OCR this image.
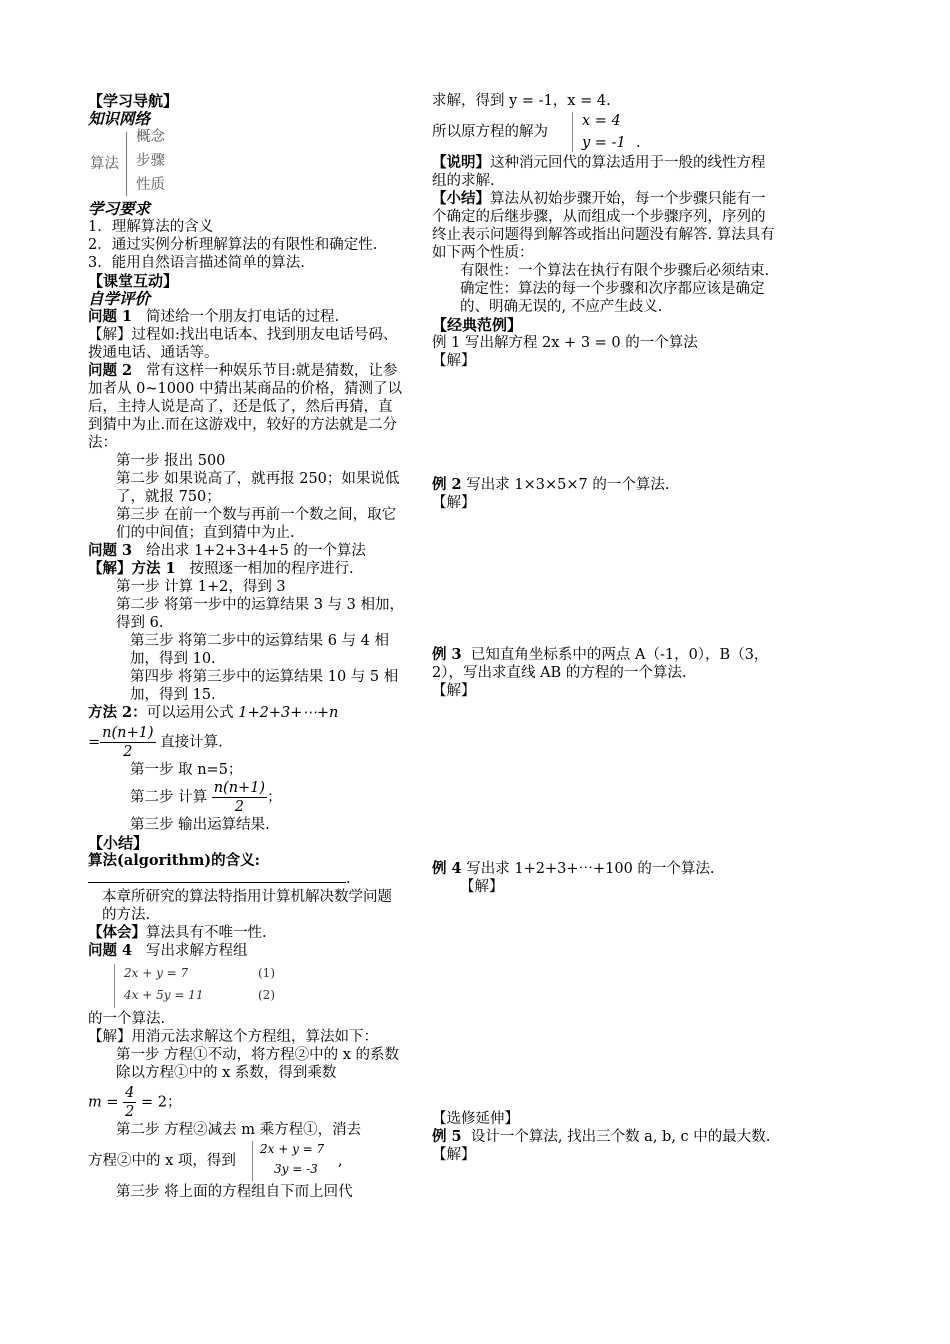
【学习导航】

知识网络

算法
概念
步骤
性质

学习要求

1．理解算法的含义

2．通过实例分析理解算法的有限性和确定性.

3．能用自然语言描述简单的算法.

【课堂互动】

自学评价

问题 1 简述给一个朋友打电话的过程.

【解】过程如:找出电话本、找到朋友电话号码、拨通电话、通话等。

问题 2 常有这样一种娱乐节目:就是猜数，让参加者从 0~1000 中猜出某商品的价格，猜测了以后，主持人说是高了，还是低了，然后再猜，直到猜中为止.而在这游戏中，较好的方法就是二分法：

第一步 报出 500

第二步 如果说高了，就再报 250；如果说低了，就报 750；

第三步 在前一个数与再前一个数之间，取它们的中间值；直到猜中为止.

问题 3 给出求 1+2+3+4+5 的一个算法

【解】方法 1 按照逐一相加的程序进行.

第一步 计算 1+2，得到 3

第二步 将第一步中的运算结果 3 与 3 相加，得到 6.

第三步 将第二步中的运算结果 6 与 4 相加，得到 10.

第四步 将第三步中的运算结果 10 与 5 相加，得到 15.

方法 2：可以运用公式 1+2+3+⋯+n

= $\frac{n(n+1)}{2}$ 直接计算.

第一步 取 n=5；

第二步 计算 $\frac{n(n+1)}{2}$ ；

第三步 输出运算结果.

【小结】

算法(algorithm)的含义:

.

本章所研究的算法特指用计算机解决数学问题的方法.

【体会】算法具有不唯一性.

问题 4 写出求解方程组

2x + y = 7
4x + 5y = 11
(1)
(2)

的一个算法.

【解】用消元法求解这个方程组，算法如下：

第一步 方程①不动，将方程②中的 x 的系数除以方程①中的 x 系数，得到乘数

$m = \frac{4}{2} = 2$；

第二步 方程②减去 m 乘方程①，消去

方程②中的 x 项，得到
2x + y = 7
3y = -3 ,

第三步 将上面的方程组自下而上回代

求解，得到 y = -1，x = 4.

所以原方程的解为
x = 4
y = -1 .

【说明】这种消元回代的算法适用于一般的线性方程组的求解.

【小结】算法从初始步骤开始，每一个步骤只能有一个确定的后继步骤，从而组成一个步骤序列，序列的终止表示问题得到解答或指出问题没有解答. 算法具有如下两个性质：

有限性：一个算法在执行有限个步骤后必须结束.

确定性：算法的每一个步骤和次序都应该是确定的、明确无误的, 不应产生歧义.

【经典范例】

例 1 写出解方程 2x + 3 = 0 的一个算法

【解】

例 2 写出求 1×3×5×7 的一个算法.

【解】

例 3 已知直角坐标系中的两点 A（-1，0），B（3，2），写出求直线 AB 的方程的一个算法.

【解】

例 4 写出求 1+2+3+⋯+100 的一个算法.

【解】

【选修延伸】

例 5 设计一个算法, 找出三个数 a, b, c 中的最大数.

【解】
